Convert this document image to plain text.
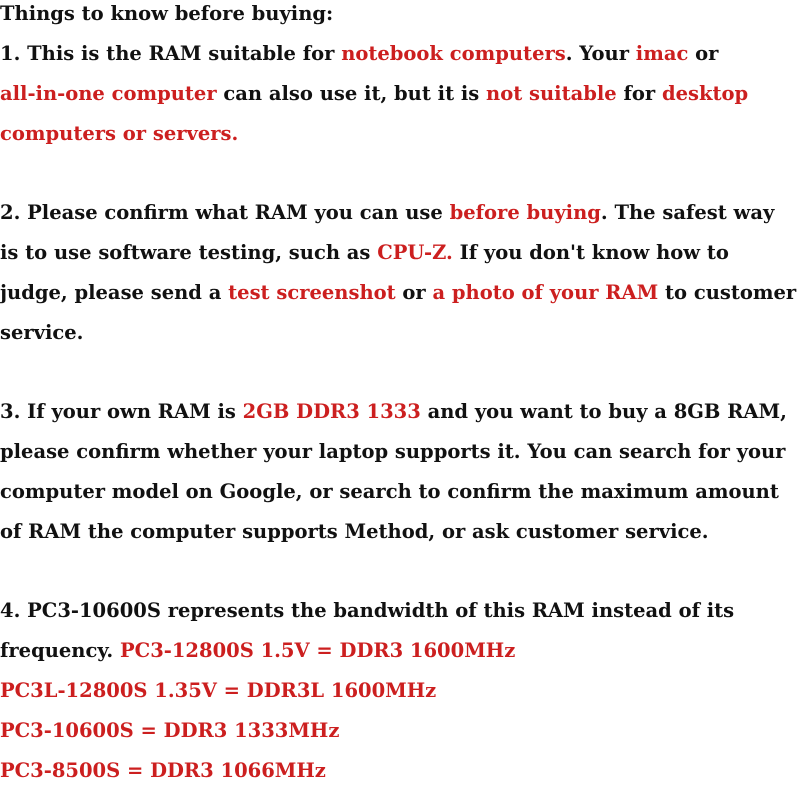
Things to know before buying:
1. This is the RAM suitable for notebook computers. Your imac or
all-in-one computer can also use it, but it is not suitable for desktop
computers or servers.
2. Please confirm what RAM you can use before buying. The safest way
is to use software testing, such as CPU-Z. If you don't know how to
judge, please send a test screenshot or a photo of your RAM to customer
service.
3. If your own RAM is 2GB DDR3 1333 and you want to buy a 8GB RAM,
please confirm whether your laptop supports it. You can search for your
computer model on Google, or search to confirm the maximum amount
of RAM the computer supports Method, or ask customer service.
4. PC3-10600S represents the bandwidth of this RAM instead of its
frequency. PC3-12800S 1.5V = DDR3 1600MHz
PC3L-12800S 1.35V = DDR3L 1600MHz
PC3-10600S = DDR3 1333MHz
PC3-8500S = DDR3 1066MHz
